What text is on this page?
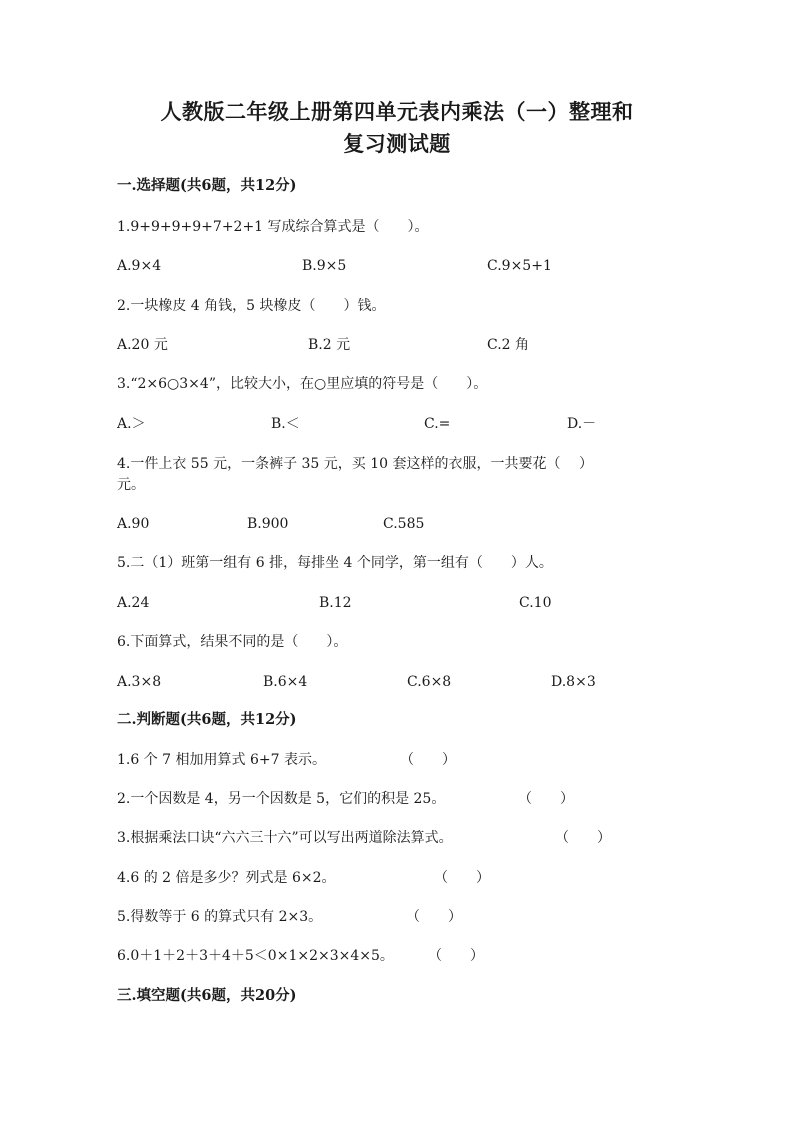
人教版二年级上册第四单元表内乘法（一）整理和
复习测试题
一.选择题(共6题，共12分)
1.9+9+9+9+7+2+1 写成综合算式是（　　）。
A.9×4	B.9×5	C.9×5+1
2.一块橡皮 4 角钱，5 块橡皮（　　）钱。
A.20 元	B.2 元	C.2 角
3.“2×6○3×4”，比较大小，在○里应填的符号是（　　）。
A.＞	B.＜	C.=	D.－
4.一件上衣 55 元，一条裤子 35 元，买 10 套这样的衣服，一共要花（　 ）
元。
A.90	B.900	C.585
5.二（1）班第一组有 6 排，每排坐 4 个同学，第一组有（　　）人。
A.24	B.12	C.10
6.下面算式，结果不同的是（　　）。
A.3×8	B.6×4	C.6×8	D.8×3
二.判断题(共6题，共12分)
1.6 个 7 相加用算式 6+7 表示。	（　　）
2.一个因数是 4，另一个因数是 5，它们的积是 25。	（　　）
3.根据乘法口诀“六六三十六”可以写出两道除法算式。	（　　）
4.6 的 2 倍是多少？列式是 6×2。	（　　）
5.得数等于 6 的算式只有 2×3。	（　　）
6.0＋1＋2＋3＋4＋5＜0×1×2×3×4×5。 （　　）
三.填空题(共6题，共20分)
